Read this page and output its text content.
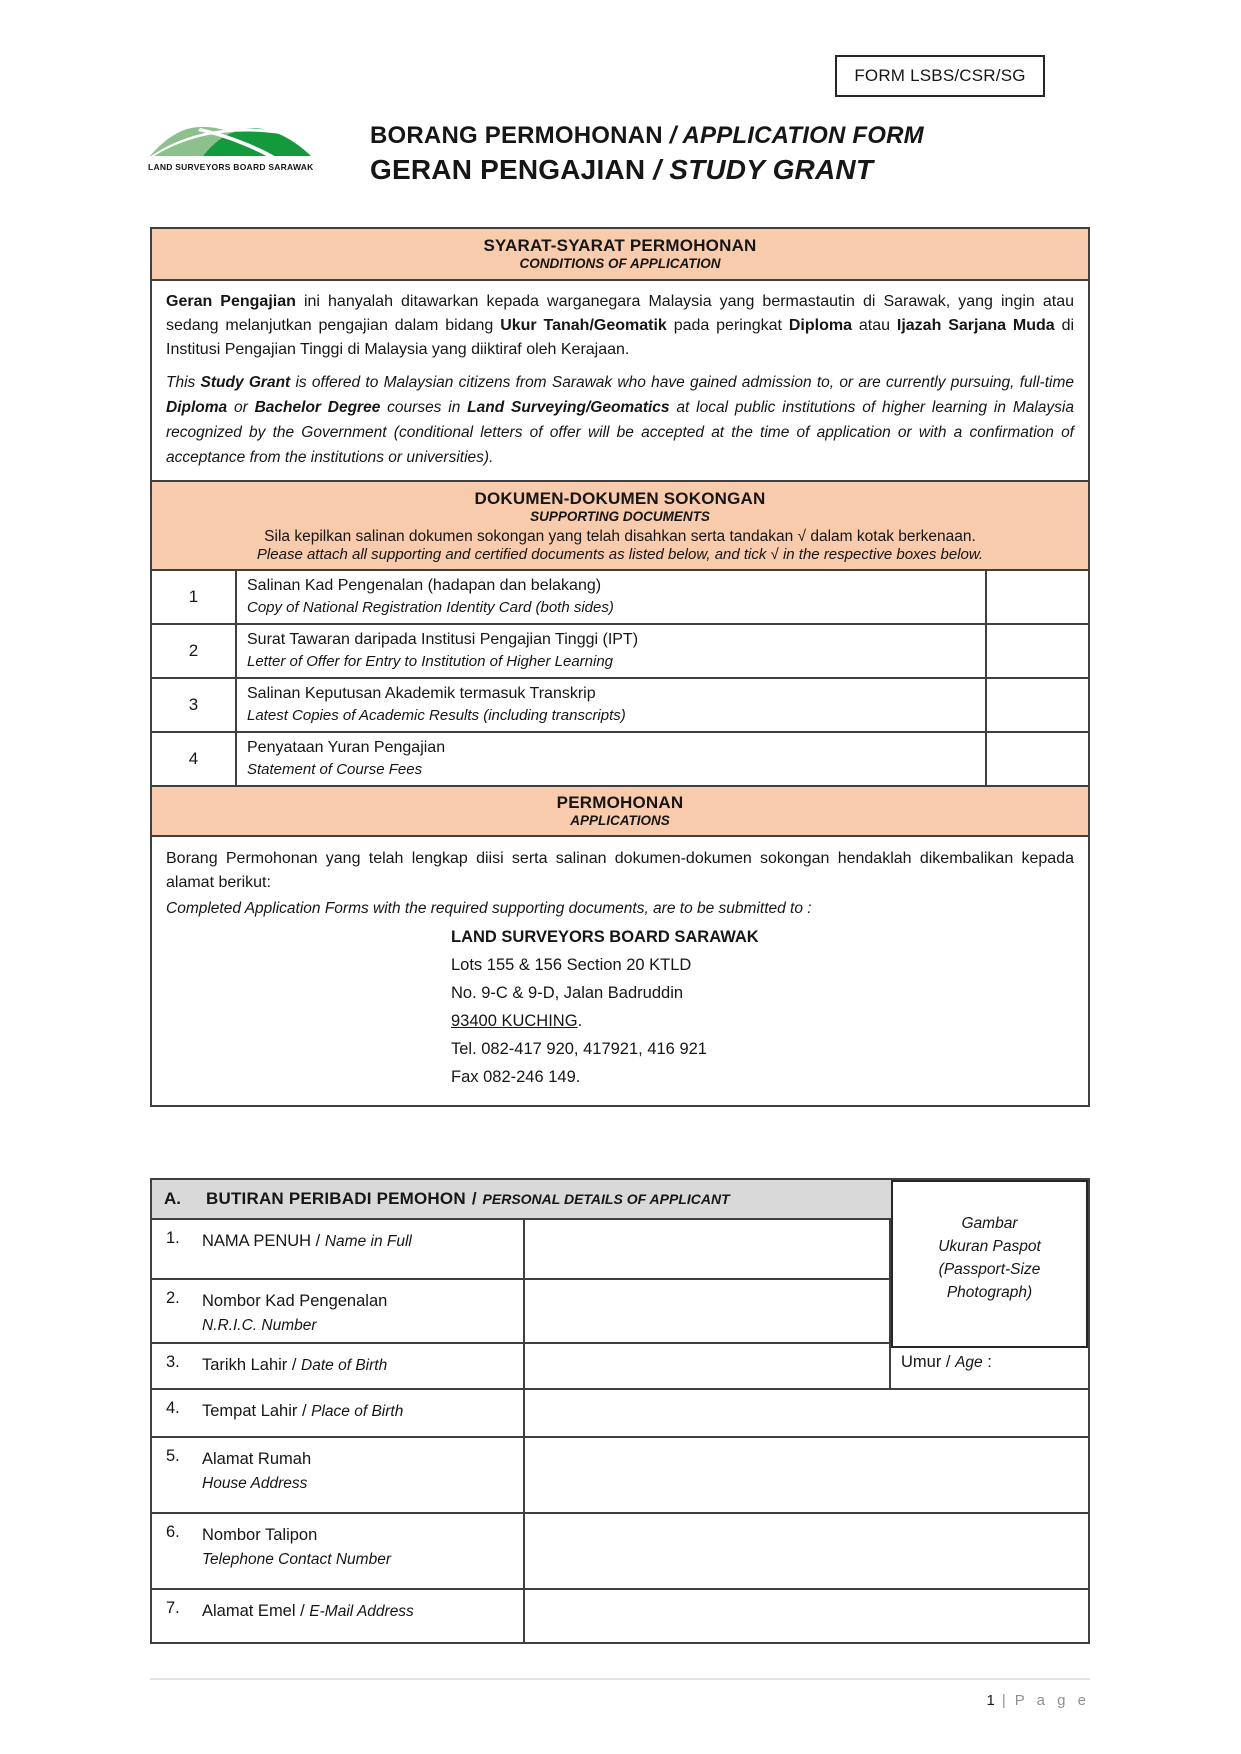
FORM LSBS/CSR/SG
LAND SURVEYORS BOARD SARAWAK
BORANG PERMOHONAN / APPLICATION FORM
GERAN PENGAJIAN / STUDY GRANT
SYARAT-SYARAT PERMOHONAN
CONDITIONS OF APPLICATION

Geran Pengajian ini hanyalah ditawarkan kepada warganegara Malaysia yang bermastautin di Sarawak, yang ingin atau sedang melanjutkan pengajian dalam bidang Ukur Tanah/Geomatik pada peringkat Diploma atau Ijazah Sarjana Muda di Institusi Pengajian Tinggi di Malaysia yang diiktiraf oleh Kerajaan.

This Study Grant is offered to Malaysian citizens from Sarawak who have gained admission to, or are currently pursuing, full-time Diploma or Bachelor Degree courses in Land Surveying/Geomatics at local public institutions of higher learning in Malaysia recognized by the Government (conditional letters of offer will be accepted at the time of application or with a confirmation of acceptance from the institutions or universities).

DOKUMEN-DOKUMEN SOKONGAN
SUPPORTING DOCUMENTS
Sila kepilkan salinan dokumen sokongan yang telah disahkan serta tandakan √ dalam kotak berkenaan.
Please attach all supporting and certified documents as listed below, and tick √ in the respective boxes below.
1
Salinan Kad Pengenalan (hadapan dan belakang)
Copy of National Registration Identity Card (both sides)
2
Surat Tawaran daripada Institusi Pengajian Tinggi (IPT)
Letter of Offer for Entry to Institution of Higher Learning
3
Salinan Keputusan Akademik termasuk Transkrip
Latest Copies of Academic Results (including transcripts)
4
Penyataan Yuran Pengajian
Statement of Course Fees
PERMOHONAN
APPLICATIONS

Borang Permohonan yang telah lengkap diisi serta salinan dokumen-dokumen sokongan hendaklah dikembalikan kepada alamat berikut:

Completed Application Forms with the required supporting documents, are to be submitted to :

LAND SURVEYORS BOARD SARAWAK
Lots 155 & 156 Section 20 KTLD
No. 9-C & 9-D, Jalan Badruddin
93400 KUCHING.
Tel. 082-417 920, 417921, 416 921
Fax 082-246 149.
A.	BUTIRAN PERIBADI PEMOHON / PERSONAL DETAILS OF APPLICANT
Gambar
Ukuran Paspot
(Passport-Size
Photograph)
1.	NAMA PENUH / Name in Full
2.	Nombor Kad Pengenalan
N.R.I.C. Number
3.	Tarikh Lahir / Date of Birth	Umur / Age :
4.	Tempat Lahir / Place of Birth
5.	Alamat Rumah
House Address
6.	Nombor Talipon
Telephone Contact Number
7.	Alamat Emel / E-Mail Address
1 | P a g e
